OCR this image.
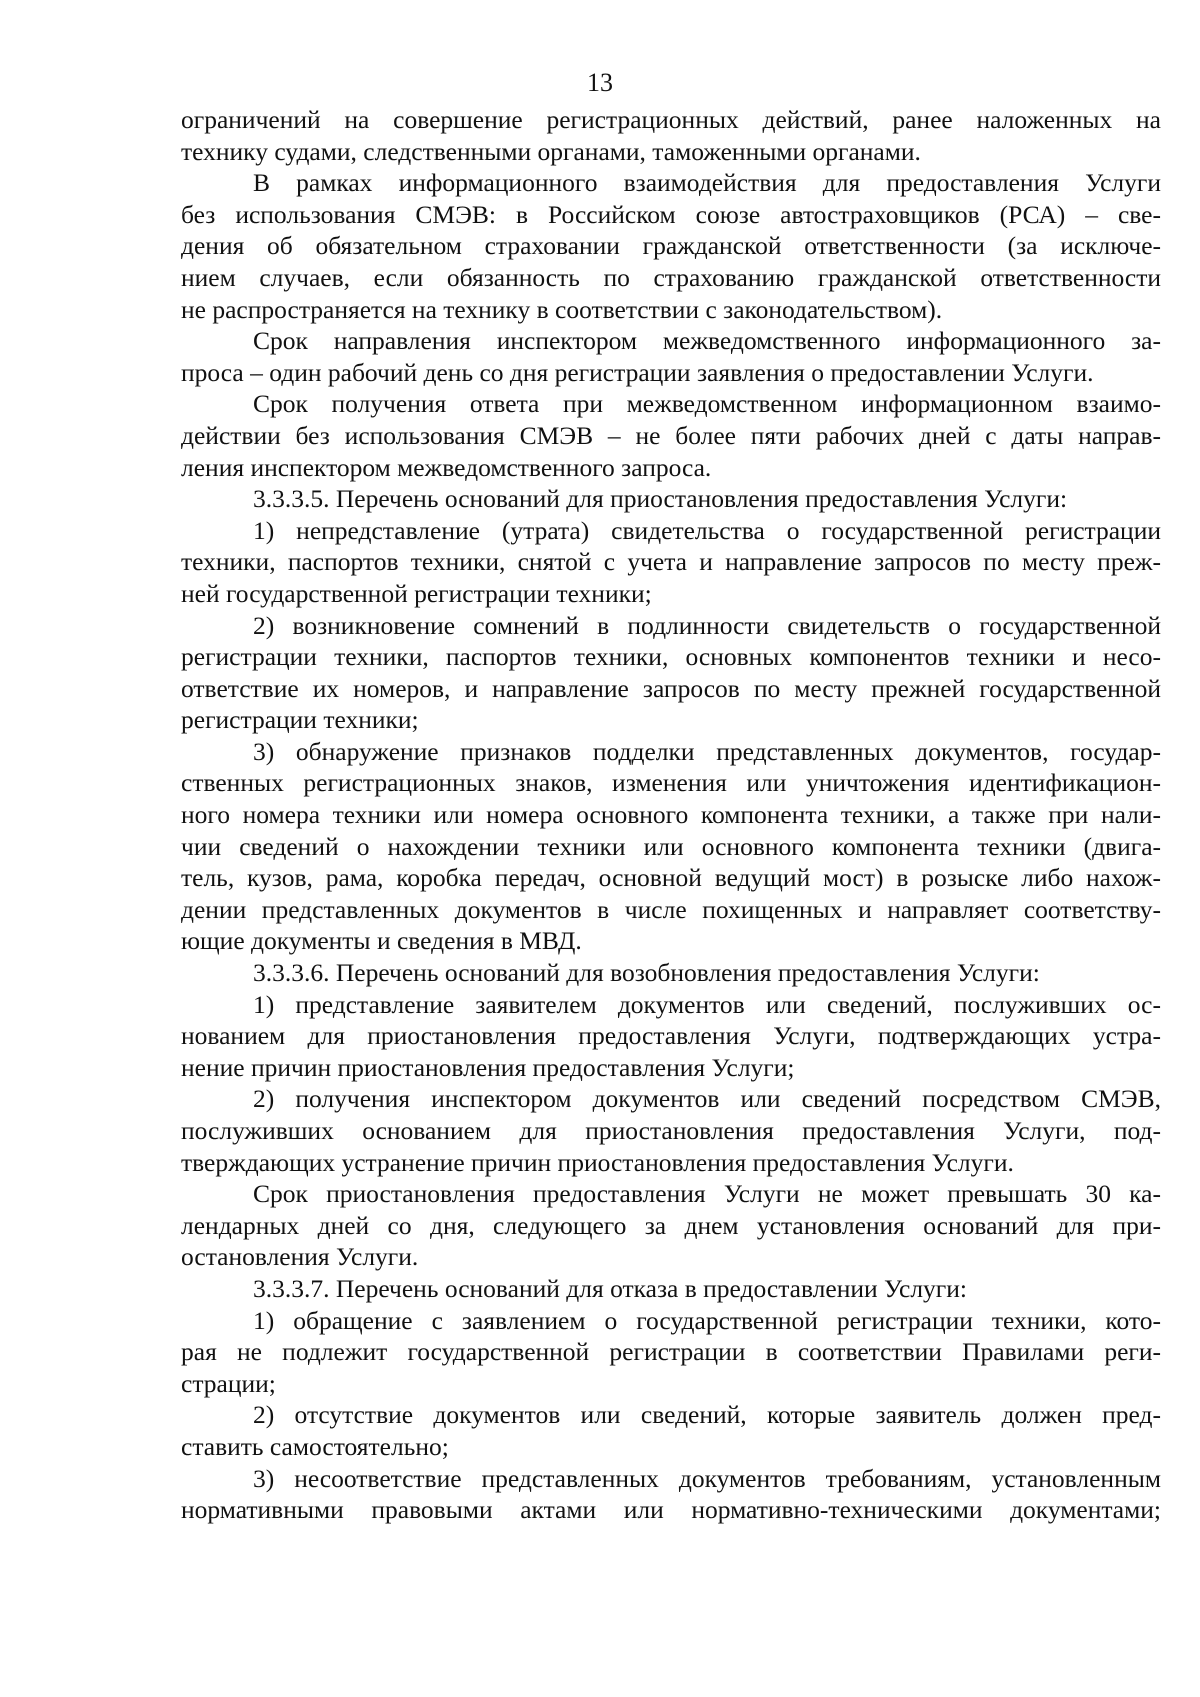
13
ограничений на совершение регистрационных действий, ранее наложенных на
технику судами, следственными органами, таможенными органами.
В рамках информационного взаимодействия для предоставления Услуги
без использования СМЭВ: в Российском союзе автостраховщиков (РСА) – све-
дения об обязательном страховании гражданской ответственности (за исключе-
нием случаев, если обязанность по страхованию гражданской ответственности
не распространяется на технику в соответствии с законодательством).
Срок направления инспектором межведомственного информационного за-
проса – один рабочий день со дня регистрации заявления о предоставлении Услуги.
Срок получения ответа при межведомственном информационном взаимо-
действии без использования СМЭВ – не более пяти рабочих дней с даты направ-
ления инспектором межведомственного запроса.
3.3.3.5. Перечень оснований для приостановления предоставления Услуги:
1) непредставление (утрата) свидетельства о государственной регистрации
техники, паспортов техники, снятой с учета и направление запросов по месту преж-
ней государственной регистрации техники;
2) возникновение сомнений в подлинности свидетельств о государственной
регистрации техники, паспортов техники, основных компонентов техники и несо-
ответствие их номеров, и направление запросов по месту прежней государственной
регистрации техники;
3) обнаружение признаков подделки представленных документов, государ-
ственных регистрационных знаков, изменения или уничтожения идентификацион-
ного номера техники или номера основного компонента техники, а также при нали-
чии сведений о нахождении техники или основного компонента техники (двига-
тель, кузов, рама, коробка передач, основной ведущий мост) в розыске либо нахож-
дении представленных документов в числе похищенных и направляет соответству-
ющие документы и сведения в МВД.
3.3.3.6. Перечень оснований для возобновления предоставления Услуги:
1) представление заявителем документов или сведений, послуживших ос-
нованием для приостановления предоставления Услуги, подтверждающих устра-
нение причин приостановления предоставления Услуги;
2) получения инспектором документов или сведений посредством СМЭВ,
послуживших основанием для приостановления предоставления Услуги, под-
тверждающих устранение причин приостановления предоставления Услуги.
Срок приостановления предоставления Услуги не может превышать 30 ка-
лендарных дней со дня, следующего за днем установления оснований для при-
остановления Услуги.
3.3.3.7. Перечень оснований для отказа в предоставлении Услуги:
1) обращение с заявлением о государственной регистрации техники, кото-
рая не подлежит государственной регистрации в соответствии Правилами реги-
страции;
2) отсутствие документов или сведений, которые заявитель должен пред-
ставить самостоятельно;
3) несоответствие представленных документов требованиям, установленным
нормативными правовыми актами или нормативно-техническими документами;
